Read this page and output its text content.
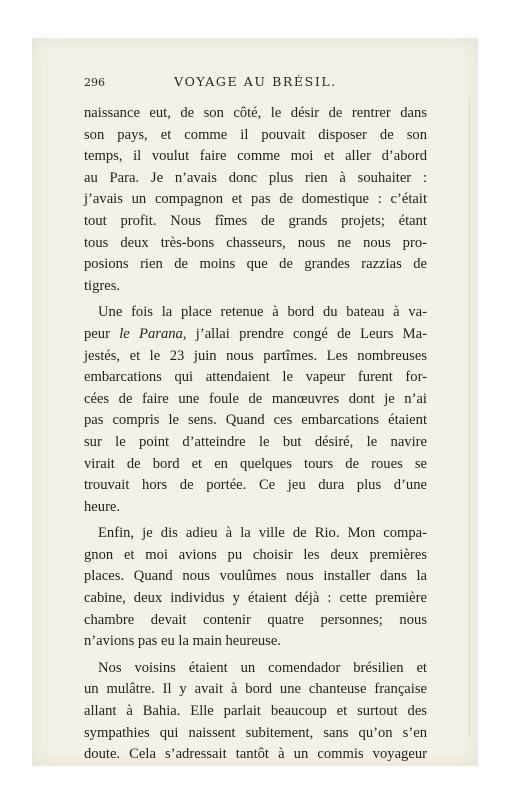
296	VOYAGE AU BRÉSIL.

naissance eut, de son côté, le désir de rentrer dans
son pays, et comme il pouvait disposer de son
temps, il voulut faire comme moi et aller d’abord
au Para. Je n’avais donc plus rien à souhaiter :
j’avais un compagnon et pas de domestique : c’était
tout profit. Nous fîmes de grands projets; étant
tous deux très-bons chasseurs, nous ne nous pro-
posions rien de moins que de grandes razzias de
tigres.

Une fois la place retenue à bord du bateau à va-
peur le Parana, j’allai prendre congé de Leurs Ma-
jestés, et le 23 juin nous partîmes. Les nombreuses
embarcations qui attendaient le vapeur furent for-
cées de faire une foule de manœuvres dont je n’ai
pas compris le sens. Quand ces embarcations étaient
sur le point d’atteindre le but désiré, le navire
virait de bord et en quelques tours de roues se
trouvait hors de portée. Ce jeu dura plus d’une
heure.

Enfin, je dis adieu à la ville de Rio. Mon compa-
gnon et moi avions pu choisir les deux premières
places. Quand nous voulûmes nous installer dans la
cabine, deux individus y étaient déjà : cette première
chambre devait contenir quatre personnes; nous
n’avions pas eu la main heureuse.

Nos voisins étaient un comendador brésilien et
un mulâtre. Il y avait à bord une chanteuse française
allant à Bahia. Elle parlait beaucoup et surtout des
sympathies qui naissent subitement, sans qu’on s’en
doute. Cela s’adressait tantôt à un commis voyageur
